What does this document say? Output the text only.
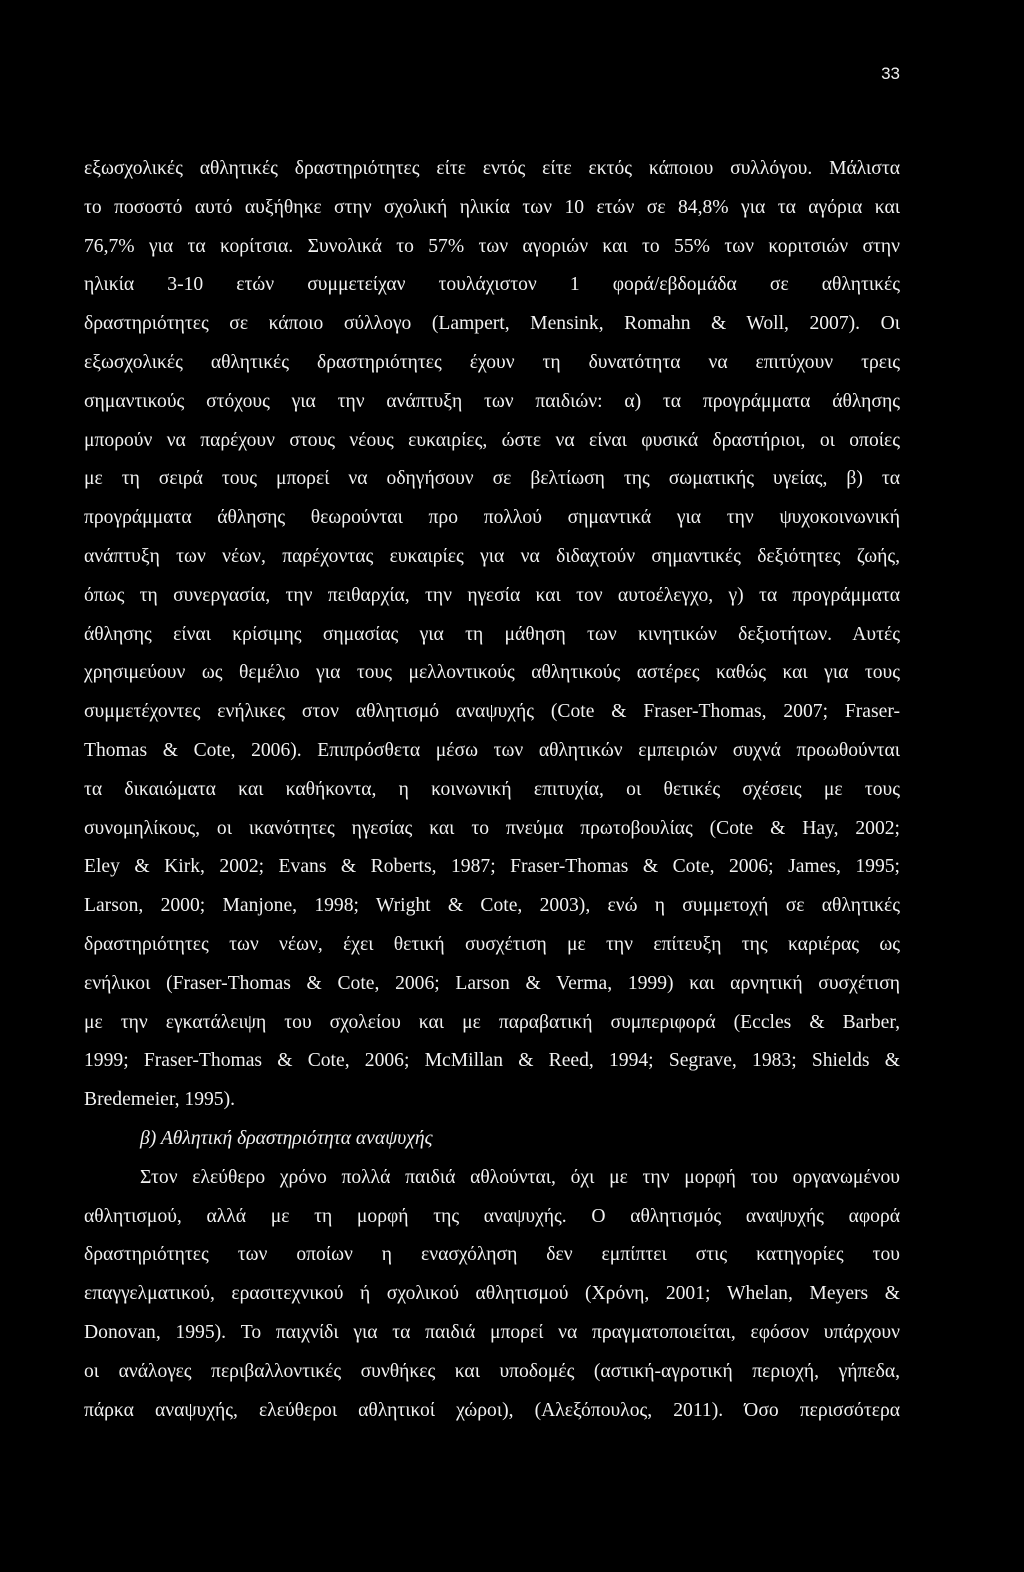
33
εξωσχολικές αθλητικές δραστηριότητες είτε εντός είτε εκτός κάποιου συλλόγου. Μάλιστα
το ποσοστό αυτό αυξήθηκε στην σχολική ηλικία των 10 ετών σε 84,8% για τα αγόρια και
76,7% για τα κορίτσια. Συνολικά το 57% των αγοριών και το 55% των κοριτσιών στην
ηλικία 3-10 ετών συμμετείχαν τουλάχιστον 1 φορά/εβδομάδα σε αθλητικές
δραστηριότητες σε κάποιο σύλλογο (Lampert, Mensink, Romahn & Woll, 2007). Οι
εξωσχολικές αθλητικές δραστηριότητες έχουν τη δυνατότητα να επιτύχουν τρεις
σημαντικούς στόχους για την ανάπτυξη των παιδιών: α) τα προγράμματα άθλησης
μπορούν να παρέχουν στους νέους ευκαιρίες, ώστε να είναι φυσικά δραστήριοι, οι οποίες
με τη σειρά τους μπορεί να οδηγήσουν σε βελτίωση της σωματικής υγείας, β) τα
προγράμματα άθλησης θεωρούνται προ πολλού σημαντικά για την ψυχοκοινωνική
ανάπτυξη των νέων, παρέχοντας ευκαιρίες για να διδαχτούν σημαντικές δεξιότητες ζωής,
όπως τη συνεργασία, την πειθαρχία, την ηγεσία και τον αυτοέλεγχο, γ) τα προγράμματα
άθλησης είναι κρίσιμης σημασίας για τη μάθηση των κινητικών δεξιοτήτων. Αυτές
χρησιμεύουν ως θεμέλιο για τους μελλοντικούς αθλητικούς αστέρες καθώς και για τους
συμμετέχοντες ενήλικες στον αθλητισμό αναψυχής (Cote & Fraser-Thomas, 2007; Fraser-
Thomas & Cote, 2006). Επιπρόσθετα μέσω των αθλητικών εμπειριών συχνά προωθούνται
τα δικαιώματα και καθήκοντα, η κοινωνική επιτυχία, οι θετικές σχέσεις με τους
συνομηλίκους, οι ικανότητες ηγεσίας και το πνεύμα πρωτοβουλίας (Cote & Hay, 2002;
Eley & Kirk, 2002; Evans & Roberts, 1987; Fraser-Thomas & Cote, 2006; James, 1995;
Larson, 2000; Manjone, 1998; Wright & Cote, 2003), ενώ η συμμετοχή σε αθλητικές
δραστηριότητες των νέων, έχει θετική συσχέτιση με την επίτευξη της καριέρας ως
ενήλικοι (Fraser-Thomas & Cote, 2006; Larson & Verma, 1999) και αρνητική συσχέτιση
με την εγκατάλειψη του σχολείου και με παραβατική συμπεριφορά (Eccles & Barber,
1999; Fraser-Thomas & Cote, 2006; McMillan & Reed, 1994; Segrave, 1983; Shields &
Bredemeier, 1995).
β) Αθλητική δραστηριότητα αναψυχής
Στον ελεύθερο χρόνο πολλά παιδιά αθλούνται, όχι με την μορφή του οργανωμένου
αθλητισμού, αλλά με τη μορφή της αναψυχής. Ο αθλητισμός αναψυχής αφορά
δραστηριότητες των οποίων η ενασχόληση δεν εμπίπτει στις κατηγορίες του
επαγγελματικού, ερασιτεχνικού ή σχολικού αθλητισμού (Χρόνη, 2001; Whelan, Meyers &
Donovan, 1995). Το παιχνίδι για τα παιδιά μπορεί να πραγματοποιείται, εφόσον υπάρχουν
οι ανάλογες περιβαλλοντικές συνθήκες και υποδομές (αστική-αγροτική περιοχή, γήπεδα,
πάρκα αναψυχής, ελεύθεροι αθλητικοί χώροι), (Αλεξόπουλος, 2011). Όσο περισσότερα
